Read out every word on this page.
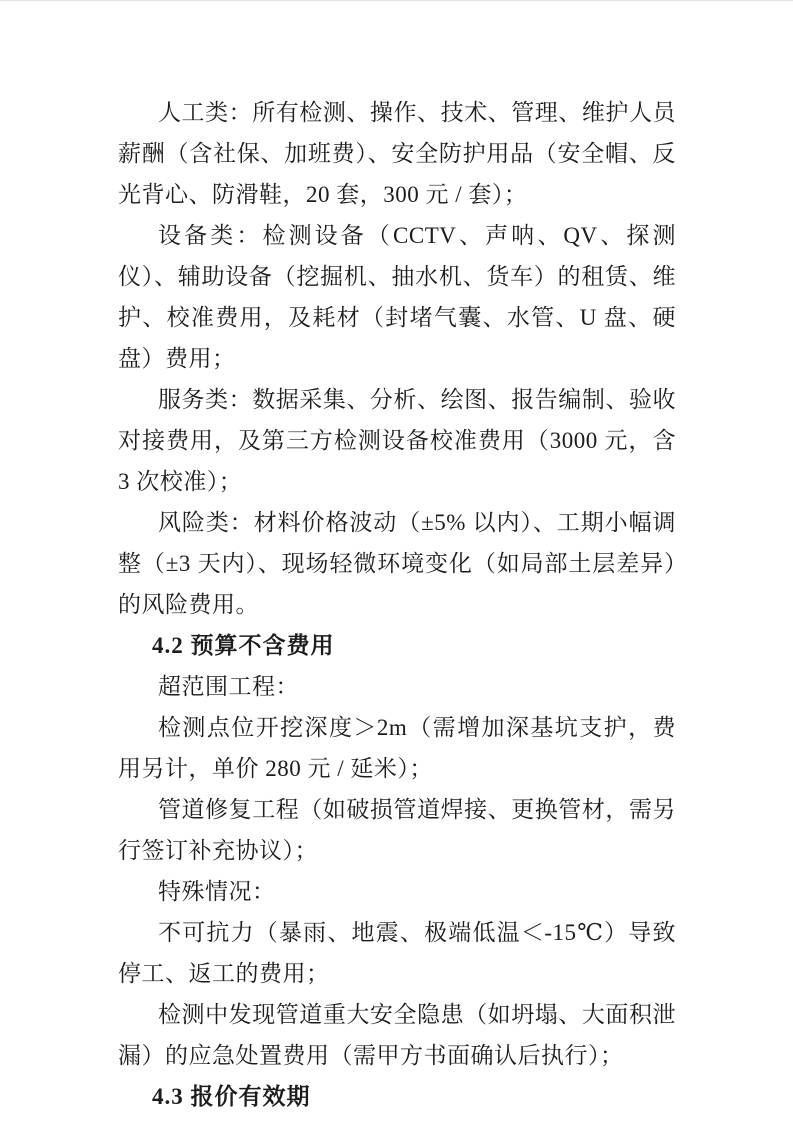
人工类：所有检测、操作、技术、管理、维护人员薪酬（含社保、加班费）、安全防护用品（安全帽、反光背心、防滑鞋，20 套，300 元 / 套）；

设备类：检测设备（CCTV、声呐、QV、探测仪）、辅助设备（挖掘机、抽水机、货车）的租赁、维护、校准费用，及耗材（封堵气囊、水管、U 盘、硬盘）费用；

服务类：数据采集、分析、绘图、报告编制、验收对接费用，及第三方检测设备校准费用（3000 元，含 3 次校准）；

风险类：材料价格波动（±5% 以内）、工期小幅调整（±3 天内）、现场轻微环境变化（如局部土层差异）的风险费用。

4.2 预算不含费用

超范围工程：

检测点位开挖深度＞2m（需增加深基坑支护，费用另计，单价 280 元 / 延米）；

管道修复工程（如破损管道焊接、更换管材，需另行签订补充协议）；

特殊情况：

不可抗力（暴雨、地震、极端低温＜-15℃）导致停工、返工的费用；

检测中发现管道重大安全隐患（如坍塌、大面积泄漏）的应急处置费用（需甲方书面确认后执行）；

4.3 报价有效期
